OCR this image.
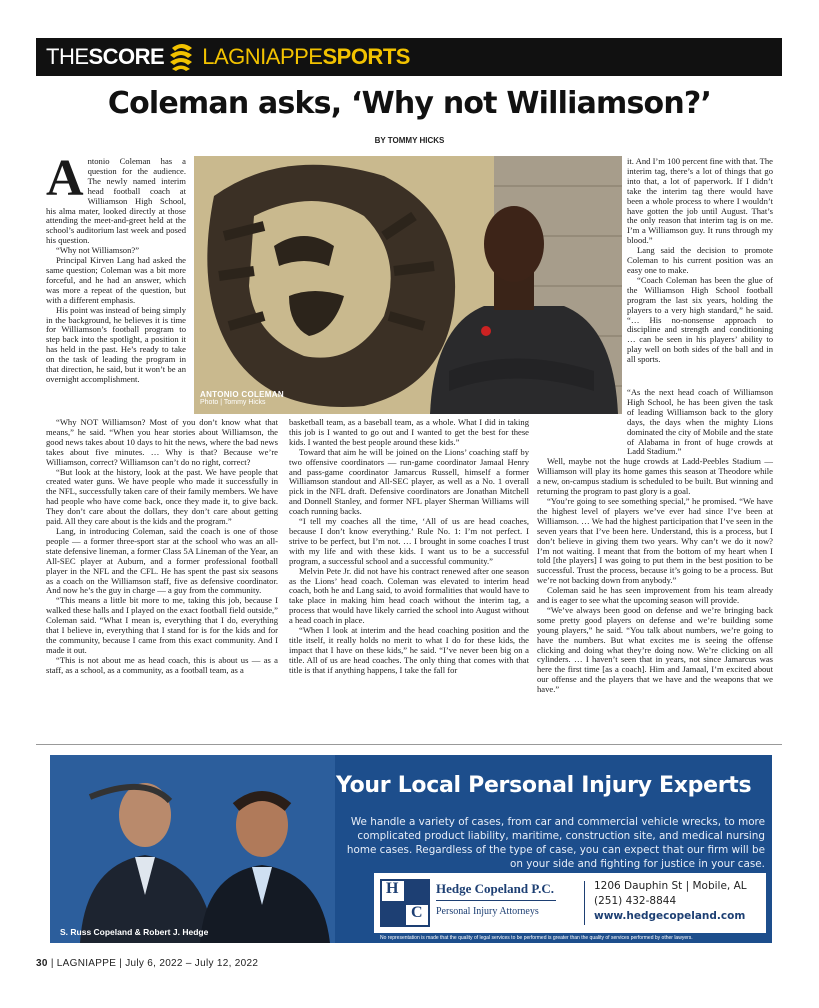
THE SCORE LAGNIAPPE SPORTS
Coleman asks, ‘Why not Williamson?’
BY TOMMY HICKS

Antonio Coleman has a question for the audience. The newly named interim head football coach at Williamson High School, his alma mater, looked directly at those attending the meet-and-greet held at the school’s auditorium last week and posed his question.

“Why not Williamson?”

Principal Kirven Lang had asked the same question; Coleman was a bit more forceful, and he had an answer, which was more a repeat of the question, but with a different emphasis.

His point was instead of being simply in the background, he believes it is time for Williamson’s football program to step back into the spotlight, a position it has held in the past. He’s ready to take on the task of leading the program in that direction, he said, but it won’t be an overnight accomplishment.

“Why NOT Williamson? Most of you don’t know what that means,” he said. “When you hear stories about Williamson, the good news takes about 10 days to hit the news, where the bad news takes about five minutes. … Why is that? Because we’re Williamson, correct? Williamson can’t do no right, correct?

“But look at the history, look at the past. We have people that created water guns. We have people who made it successfully in the NFL, successfully taken care of their family members. We have had people who have come back, once they made it, to give back. They don’t care about the dollars, they don’t care about getting paid. All they care about is the kids and the program.”

Lang, in introducing Coleman, said the coach is one of those people — a former three-sport star at the school who was an all-state defensive lineman, a former Class 5A Lineman of the Year, an All-SEC player at Auburn, and a former professional football player in the NFL and the CFL. He has spent the past six seasons as a coach on the Williamson staff, five as defensive coordinator. And now he’s the guy in charge — a guy from the community.

“This means a little bit more to me, taking this job, because I walked these halls and I played on the exact football field outside,” Coleman said. “What I mean is, everything that I do, everything that I believe in, everything that I stand for is for the kids and for the community, because I came from this exact community. And I made it out.

“This is not about me as head coach, this is about us — as a staff, as a school, as a community, as a football team, as a

ANTONIO COLEMAN
Photo | Tommy Hicks

basketball team, as a baseball team, as a whole. What I did in taking this job is I wanted to go out and I wanted to get the best for these kids. I wanted the best people around these kids.”

Toward that aim he will be joined on the Lions’ coaching staff by two offensive coordinators — run-game coordinator Jamaal Henry and pass-game coordinator Jamarcus Russell, himself a former Williamson standout and All-SEC player, as well as a No. 1 overall pick in the NFL draft. Defensive coordinators are Jonathan Mitchell and Donnell Stanley, and former NFL player Sherman Williams will coach running backs.

“I tell my coaches all the time, ‘All of us are head coaches, because I don’t know everything.’ Rule No. 1: I’m not perfect. I strive to be perfect, but I’m not. … I brought in some coaches I trust with my life and with these kids. I want us to be a successful program, a successful school and a successful community.”

Melvin Pete Jr. did not have his contract renewed after one season as the Lions’ head coach. Coleman was elevated to interim head coach, both he and Lang said, to avoid formalities that would have to take place in making him head coach without the interim tag, a process that would have likely carried the school into August without a head coach in place.

“When I look at interim and the head coaching position and the title itself, it really holds no merit to what I do for these kids, the impact that I have on these kids,” he said. “I’ve never been big on a title. All of us are head coaches. The only thing that comes with that title is that if anything happens, I take the fall for

it. And I’m 100 percent fine with that. The interim tag, there’s a lot of things that go into that, a lot of paperwork. If I didn’t take the interim tag there would have been a whole process to where I wouldn’t have gotten the job until August. That’s the only reason that interim tag is on me. I’m a Williamson guy. It runs through my blood.”

Lang said the decision to promote Coleman to his current position was an easy one to make.

“Coach Coleman has been the glue of the Williamson High School football program the last six years, holding the players to a very high standard,” he said. “… His no-nonsense approach to discipline and strength and conditioning … can be seen in his players’ ability to play well on both sides of the ball and in all sports.

“As the next head coach of Williamson High School, he has been given the task of leading Williamson back to the glory days, the days when the mighty Lions dominated the city of Mobile and the state of Alabama in front of huge crowds at Ladd Stadium.”

Well, maybe not the huge crowds at Ladd-Peebles Stadium — Williamson will play its home games this season at Theodore while a new, on-campus stadium is scheduled to be built. But winning and returning the program to past glory is a goal.

“You’re going to see something special,” he promised. “We have the highest level of players we’ve ever had since I’ve been at Williamson. … We had the highest participation that I’ve seen in the seven years that I’ve been here. Understand, this is a process, but I don’t believe in giving them two years. Why can’t we do it now? I’m not waiting. I meant that from the bottom of my heart when I told [the players] I was going to put them in the best position to be successful. Trust the process, because it’s going to be a process. But we’re not backing down from anybody.”

Coleman said he has seen improvement from his team already and is eager to see what the upcoming season will provide.

“We’ve always been good on defense and we’re bringing back some pretty good players on defense and we’re building some young players,” he said. “You talk about numbers, we’re going to have the numbers. But what excites me is seeing the offense clicking and doing what they’re doing now. We’re clicking on all cylinders. … I haven’t seen that in years, not since Jamarcus was here the first time [as a coach]. Him and Jamaal, I’m excited about our offense and the players that we have and the weapons that we have.”

Your Local Personal Injury Experts
We handle a variety of cases, from car and commercial vehicle wrecks, to more complicated product liability, maritime, construction site, and medical nursing home cases. Regardless of the type of case, you can expect that our firm will be on your side and fighting for justice in your case.
H
C
Hedge Copeland P.C.
Personal Injury Attorneys
1206 Dauphin St | Mobile, AL
(251) 432-8844
www.hedgecopeland.com
S. Russ Copeland & Robert J. Hedge
No representation is made that the quality of legal services to be performed is greater than the quality of services performed by other lawyers.
30 | LAGNIAPPE | July 6, 2022 – July 12, 2022
